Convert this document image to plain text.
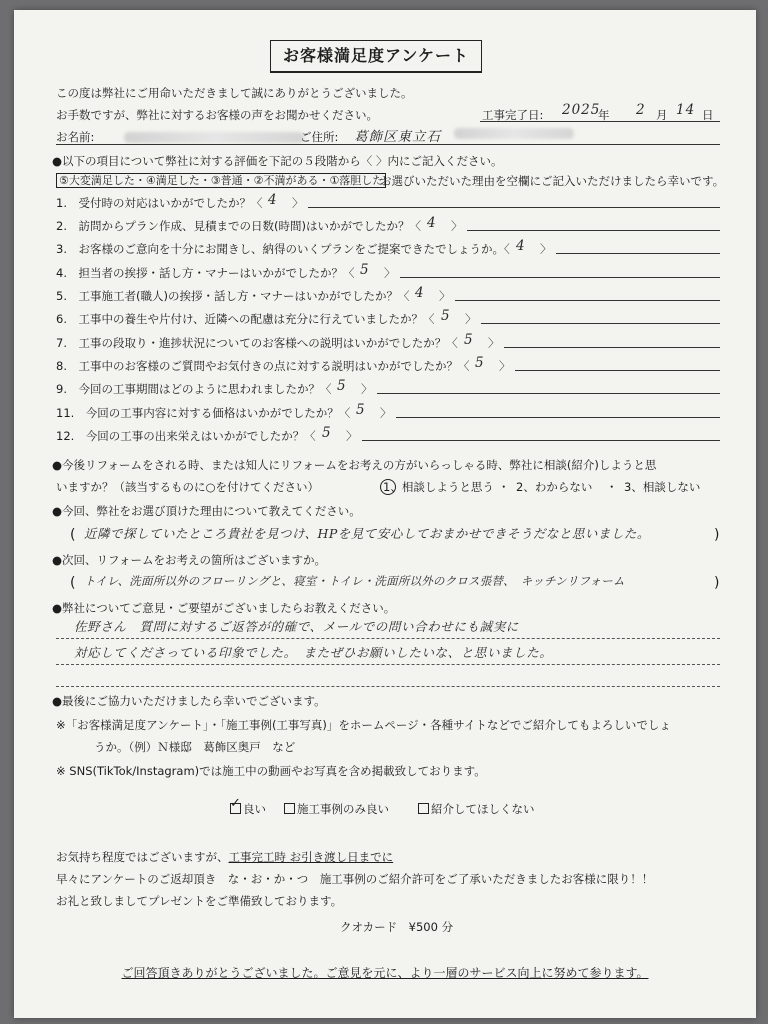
お客様満足度アンケート
この度は弊社にご用命いただきまして誠にありがとうございました。
お手数ですが、弊社に対するお客様の声をお聞かせください。	工事完了日: 2025
年 2 月 14 日
お名前:	ご住所: 葛飾区東立石
●以下の項目について弊社に対する評価を下記の５段階から〈 〉内にご記入ください。
⑤大変満足した・④満足した・③普通・②不満がある・①落胆した
お選びいただいた理由を空欄にご記入いただけましたら幸いです。
1.　受付時の対応はいかがでしたか？〈 4 〉
2.　訪問からプラン作成、見積までの日数(時間)はいかがでしたか？〈 4 〉
3.　お客様のご意向を十分にお聞きし、納得のいくプランをご提案できたでしょうか。〈 4 〉
4.　担当者の挨拶・話し方・マナーはいかがでしたか？〈 5 〉
5.　工事施工者(職人)の挨拶・話し方・マナーはいかがでしたか？〈 4 〉
6.　工事中の養生や片付け、近隣への配慮は充分に行えていましたか？〈 5 〉
7.　工事の段取り・進捗状況についてのお客様への説明はいかがでしたか？〈 5 〉
8.　工事中のお客様のご質問やお気付きの点に対する説明はいかがでしたか？〈 5 〉
9.　今回の工事期間はどのように思われましたか？〈 5 〉
11.　今回の工事内容に対する価格はいかがでしたか？〈 5 〉
12.　今回の工事の出来栄えはいかがでしたか？〈 5 〉
●今後リフォームをされる時、または知人にリフォームをお考えの方がいらっしゃる時、弊社に相談(紹介)しようと思
いますか？（該当するものに○を付けてください）	1、相談しようと思う ・ 2、わからない ・ 3、相談しない
●今回、弊社をお選び頂けた理由について教えてください。
( 近隣で探していたところ貴社を見つけ、HPを見て安心しておまかせできそうだなと思いました。	)
●次回、リフォームをお考えの箇所はございますか。
( トイレ、洗面所以外のフローリングと、寝室・トイレ・洗面所以外のクロス張替、　キッチンリフォーム	)
●弊社についてご意見・ご要望がございましたらお教えください。
佐野さん　質問に対するご返答が的確で、メールでの問い合わせにも誠実に
対応してくださっている印象でした。　またぜひお願いしたいな、と思いました。
●最後にご協力いただけましたら幸いでございます。
※「お客様満足度アンケート」・「施工事例(工事写真)」をホームページ・各種サイトなどでご紹介してもよろしいでしょ
うか。（例）Ｎ様邸　葛飾区奥戸　など
※ SNS(TikTok/Instagram)では施工中の動画やお写真を含め掲載致しております。
✓良い	施工事例のみ良い	紹介してほしくない
お気持ち程度ではございますが、工事完工時 お引き渡し日までに
早々にアンケートのご返却頂き　な・お・か・つ　施工事例のご紹介許可をご了承いただきましたお客様に限り！！
お礼と致しましてプレゼントをご準備致しております。
クオカード　¥500 分
ご回答頂きありがとうございました。ご意見を元に、より一層のサービス向上に努めて参ります。
